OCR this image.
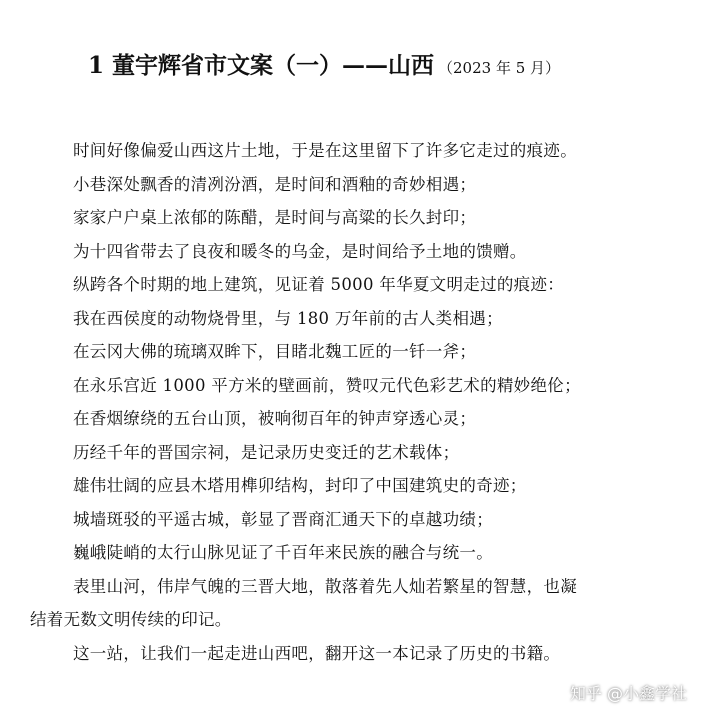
1 董宇辉省市文案（一）——山西 （2023 年 5 月）

时间好像偏爱山西这片土地，于是在这里留下了许多它走过的痕迹。

小巷深处飘香的清冽汾酒，是时间和酒釉的奇妙相遇；

家家户户桌上浓郁的陈醋，是时间与高粱的长久封印；

为十四省带去了良夜和暖冬的乌金，是时间给予土地的馈赠。

纵跨各个时期的地上建筑，见证着 5000 年华夏文明走过的痕迹：

我在西侯度的动物烧骨里，与 180 万年前的古人类相遇；

在云冈大佛的琉璃双眸下，目睹北魏工匠的一钎一斧；

在永乐宫近 1000 平方米的壁画前，赞叹元代色彩艺术的精妙绝伦；

在香烟缭绕的五台山顶，被响彻百年的钟声穿透心灵；

历经千年的晋国宗祠，是记录历史变迁的艺术载体；

雄伟壮阔的应县木塔用榫卯结构，封印了中国建筑史的奇迹；

城墙斑驳的平遥古城，彰显了晋商汇通天下的卓越功绩；

巍峨陡峭的太行山脉见证了千百年来民族的融合与统一。

表里山河，伟岸气魄的三晋大地，散落着先人灿若繁星的智慧，也凝

结着无数文明传续的印记。

这一站，让我们一起走进山西吧，翻开这一本记录了历史的书籍。

知乎 @小鑫学社
